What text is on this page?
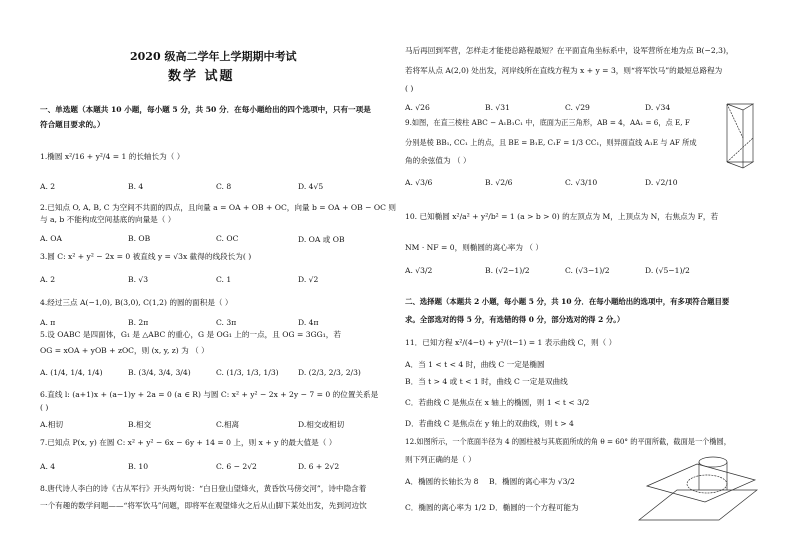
2020 级高二学年上学期期中考试
数学 试题
一、单选题（本题共 10 小题，每小题 5 分，共 50 分．在每小题给出的四个选项中，只有一项是
符合题目要求的。）
1.椭圆 x²/16 + y²/4 = 1 的长轴长为（ ）
A. 2	B. 4	C. 8	D. 4√5
2.已知点 O, A, B, C 为空间不共面的四点，且向量 a = OA + OB + OC，向量 b = OA + OB − OC 则
与 a, b 不能构成空间基底的向量是（ ）
A. OA	B. OB	C. OC	D. OA 或 OB
3.圆 C: x² + y² − 2x = 0 被直线 y = √3x 截得的线段长为( )
A. 2	B. √3	C. 1	D. √2
4.经过三点 A(−1,0), B(3,0), C(1,2) 的圆的面积是（ ）
A. π	B. 2π	C. 3π	D. 4π
5.设 OABC 是四面体，G₁ 是 △ABC 的重心，G 是 OG₁ 上的一点，且 OG = 3GG₁，若
OG = xOA + yOB + zOC，则 (x, y, z) 为 （ ）
A. (1/4, 1/4, 1/4)	B. (3/4, 3/4, 3/4)	C. (1/3, 1/3, 1/3)	D. (2/3, 2/3, 2/3)
6.直线 l: (a+1)x + (a−1)y + 2a = 0 (a ∈ R) 与圆 C: x² + y² − 2x + 2y − 7 = 0 的位置关系是
( )
A.相切	B.相交	C.相离	D.相交或相切
7.已知点 P(x, y) 在圆 C: x² + y² − 6x − 6y + 14 = 0 上，则 x + y 的最大值是（ ）
A. 4	B. 10	C. 6 − 2√2	D. 6 + 2√2
8.唐代诗人李白的诗《古从军行》开头两句说：“白日登山望烽火，黄昏饮马傍交河”，诗中隐含着
一个有趣的数学问题——“将军饮马”问题，即将军在观望烽火之后从山脚下某处出发，先到河边饮
马后再回到军营，怎样走才能使总路程最短？在平面直角坐标系中，设军营所在地为点 B(−2,3)，
若将军从点 A(2,0) 处出发，河岸线所在直线方程为 x + y = 3，则“将军饮马”的最短总路程为
( )
A. √26	B. √31	C. √29	D. √34
9.如图，在直三棱柱 ABC − A₁B₁C₁ 中，底面为正三角形，AB = 4，AA₁ = 6，点 E, F
分别是棱 BB₁, CC₁ 上的点，且 BE = B₁E, C₁F = 1/3 CC₁，则异面直线 A₁E 与 AF 所成
角的余弦值为 （ ）
A. √3/6	B. √2/6	C. √3/10	D. √2/10
10. 已知椭圆 x²/a² + y²/b² = 1 (a > b > 0) 的左顶点为 M，上顶点为 N，右焦点为 F，若
NM · NF = 0，则椭圆的离心率为 （ ）
A. √3/2	B. (√2−1)/2	C. (√3−1)/2	D. (√5−1)/2
二、选择题（本题共 2 小题，每小题 5 分，共 10 分．在每小题给出的选项中，有多项符合题目要
求。全部选对的得 5 分，有选错的得 0 分，部分选对的得 2 分。）
11．已知方程 x²/(4−t) + y²/(t−1) = 1 表示曲线 C，则（ ）
A．当 1 < t < 4 时，曲线 C 一定是椭圆
B．当 t > 4 或 t < 1 时，曲线 C 一定是双曲线
C．若曲线 C 是焦点在 x 轴上的椭圆，则 1 < t < 3/2
D．若曲线 C 是焦点在 y 轴上的双曲线，则 t > 4
12.如图所示，一个底面半径为 4 的圆柱被与其底面所成的角 θ = 60° 的平面所截，截面是一个椭圆，
则下列正确的是（ ）
A．椭圆的长轴长为 8 B．椭圆的离心率为 √3/2
C．椭圆的离心率为 1/2 D．椭圆的一个方程可能为
